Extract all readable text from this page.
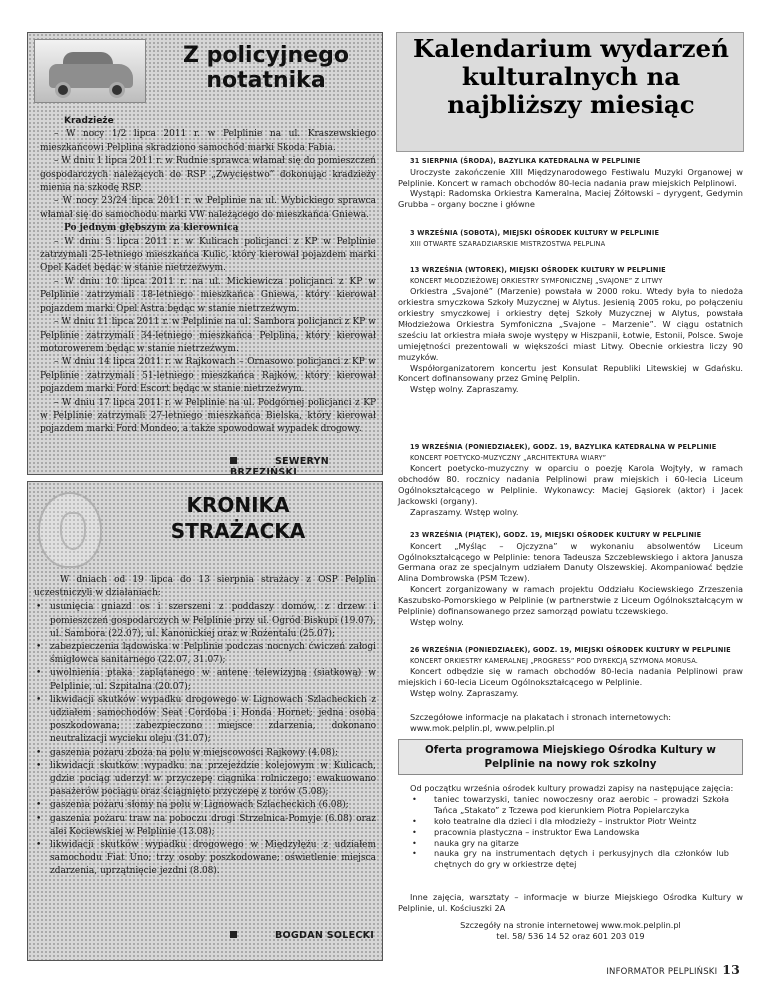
Z policyjnego notatnika

Kradzieże

– W nocy 1/2 lipca 2011 r. w Pelplinie na ul. Kraszewskiego mieszkańcowi Pelplina skradziono samochód marki Skoda Fabia.

– W dniu 1 lipca 2011 r. w Rudnie sprawca włamał się do pomieszczeń gospodarczych należących do RSP „Zwycięstwo” dokonując kradzieży mienia na szkodę RSP.

– W nocy 23/24 lipca 2011 r. w Pelplinie na ul. Wybickiego sprawca włamał się do samochodu marki VW należącego do mieszkańca Gniewa.

Po jednym głębszym za kierownicą

– W dniu 5 lipca 2011 r. w Kulicach policjanci z KP w Pelplinie zatrzymali 25-letniego mieszkańca Kulic, który kierował pojazdem marki Opel Kadet będąc w stanie nietrzeźwym.

– W dniu 10 lipca 2011 r. na ul. Mickiewicza policjanci z KP w Pelplinie zatrzymali 18-letniego mieszkańca Gniewa, który kierował pojazdem marki Opel Astra będąc w stanie nietrzeźwym.

– W dniu 11 lipca 2011 r. w Pelplinie na ul. Sambora policjanci z KP w Pelplinie zatrzymali 34-letniego mieszkańca Pelplina, który kierował motorowerem będąc w stanie nietrzeźwym.

– W dniu 14 lipca 2011 r. w Rajkowach – Ornasowo policjanci z KP w Pelplinie zatrzymali 51-letniego mieszkańca Rajków, który kierował pojazdem marki Ford Escort będąc w stanie nietrzeźwym.

– W dniu 17 lipca 2011 r. w Pelplinie na ul. Podgórnej policjanci z KP w Pelplinie zatrzymali 27-letniego mieszkańca Bielska, który kierował pojazdem marki Ford Mondeo, a także spowodował wypadek drogowy.

SEWERYN BRZEZIŃSKI
KRONIKA STRAŻACKA

W dniach od 19 lipca do 13 sierpnia strażacy z OSP Pelplin uczestniczyli w działaniach:

• usunięcia gniazd os i szerszeni z poddaszy domów, z drzew i pomieszczeń gospodarczych w Pelplinie przy ul. Ogród Biskupi (19.07), ul. Sambora (22.07), ul. Kanonickiej oraz w Rożentalu (25.07);
• zabezpieczenia lądowiska w Pelplinie podczas nocnych ćwiczeń załogi śmigłowca sanitarnego (22.07, 31.07);
• uwolnienia ptaka zaplątanego w antenę telewizyjną (siatkową) w Pelplinie, ul. Szpitalna (20.07);
• likwidacji skutków wypadku drogowego w Lignowach Szlacheckich z udziałem samochodów Seat Cordoba i Honda Hornet; jedna osoba poszkodowana; zabezpieczono miejsce zdarzenia, dokonano neutralizacji wycieku oleju (31.07);
• gaszenia pożaru zboża na polu w miejscowości Rajkowy (4.08);
• likwidacji skutków wypadku na przejeździe kolejowym w Kulicach, gdzie pociąg uderzył w przyczepę ciągnika rolniczego; ewakuowano pasażerów pociągu oraz ściągnięto przyczepę z torów (5.08);
• gaszenia pożaru słomy na polu w Lignowach Szlacheckich (6.08);
• gaszenia pożaru traw na poboczu drogi Strzelnica-Pomyje (6.08) oraz alei Kociewskiej w Pelplinie (13.08);
• likwidacji skutków wypadku drogowego w Międzyłężu z udziałem samochodu Fiat Uno; trzy osoby poszkodowane; oświetlenie miejsca zdarzenia, uprzątnięcie jezdni (8.08).
BOGDAN SOLECKI
Kalendarium wydarzeń kulturalnych na najbliższy miesiąc
31 SIERPNIA (ŚRODA), BAZYLIKA KATEDRALNA W PELPLINIE

Uroczyste zakończenie XIII Międzynarodowego Festiwalu Muzyki Organowej w Pelplinie. Koncert w ramach obchodów 80-lecia nadania praw miejskich Pelplinowi.

Wystąpi: Radomska Orkiestra Kameralna, Maciej Żółtowski – dyrygent, Gedymin Grubba – organy boczne i główne

3 WRZEŚNIA (SOBOTA), MIEJSKI OŚRODEK KULTURY W PELPLINIE
XIII OTWARTE SZARADZIARSKIE MISTRZOSTWA PELPLINA
13 WRZEŚNIA (WTOREK), MIEJSKI OŚRODEK KULTURY W PELPLINIE
KONCERT MŁODZIEŻOWEJ ORKIESTRY SYMFONICZNEJ „SVAJONE” Z LITWY

Orkiestra „Svajonė” (Marzenie) powstała w 2000 roku. Wtedy była to niedoża orkiestra smyczkowa Szkoły Muzycznej w Alytus. Jesienią 2005 roku, po połączeniu orkiestry smyczkowej i orkiestry dętej Szkoły Muzycznej w Alytus, powstała Młodzieżowa Orkiestra Symfoniczna „Svajone – Marzenie”. W ciągu ostatnich sześciu lat orkiestra miała swoje występy w Hiszpanii, Łotwie, Estonii, Polsce. Swoje umiejętności prezentowali w większości miast Litwy. Obecnie orkiestra liczy 90 muzyków.

Współorganizatorem koncertu jest Konsulat Republiki Litewskiej w Gdańsku. Koncert dofinansowany przez Gminę Pelplin.

Wstęp wolny. Zapraszamy.

19 WRZEŚNIA (PONIEDZIAŁEK), GODZ. 19, BAZYLIKA KATEDRALNA W PELPLINIE
KONCERT POETYCKO-MUZYCZNY „ARCHITEKTURA WIARY”

Koncert poetycko-muzyczny w oparciu o poezję Karola Wojtyły, w ramach obchodów 80. rocznicy nadania Pelplinowi praw miejskich i 60-lecia Liceum Ogólnokształcącego w Pelplinie. Wykonawcy: Maciej Gąsiorek (aktor) i Jacek Jackowski (organy).

Zapraszamy. Wstęp wolny.

23 WRZEŚNIA (PIĄTEK), GODZ. 19, MIEJSKI OŚRODEK KULTURY W PELPLINIE

Koncert „Myśląc – Ojczyzna” w wykonaniu absolwentów Liceum Ogólnokształcącego w Pelplinie: tenora Tadeusza Szczeblewskiego i aktora Janusza Germana oraz ze specjalnym udziałem Danuty Olszewskiej. Akompaniować będzie Alina Dombrowska (PSM Tczew).

Koncert zorganizowany w ramach projektu Oddziału Kociewskiego Zrzeszenia Kaszubsko-Pomorskiego w Pelplinie (w partnerstwie z Liceum Ogólnokształcącym w Pelplinie) dofinansowanego przez samorząd powiatu tczewskiego.

Wstęp wolny.

26 WRZEŚNIA (PONIEDZIAŁEK), GODZ. 19, MIEJSKI OŚRODEK KULTURY W PELPLINIE
KONCERT ORKIESTRY KAMERALNEJ „PROGRESS” POD DYREKCJĄ SZYMONA MORUSA.

Koncert odbędzie się w ramach obchodów 80-lecia nadania Pelplinowi praw miejskich i 60-lecia Liceum Ogólnokształcącego w Pelplinie.

Wstęp wolny. Zapraszamy.

Szczegółowe informacje na plakatach i stronach internetowych: www.mok.pelplin.pl, www.pelplin.pl
Oferta programowa Miejskiego Ośrodka Kultury w Pelplinie na nowy rok szkolny

Od początku września ośrodek kultury prowadzi zapisy na następujące zajęcia:

• taniec towarzyski, taniec nowoczesny oraz aerobic – prowadzi Szkoła Tańca „Stakato” z Tczewa pod kierunkiem Piotra Popielarczyka
• koło teatralne dla dzieci i dla młodzieży – instruktor Piotr Weintz
• pracownia plastyczna – instruktor Ewa Landowska
• nauka gry na gitarze
• nauka gry na instrumentach dętych i perkusyjnych dla członków lub chętnych do gry w orkiestrze dętej

Inne zajęcia, warsztaty – informacje w biurze Miejskiego Ośrodka Kultury w Pelplinie, ul. Kościuszki 2A

Szczegóły na stronie internetowej www.mok.pelplin.pl
tel. 58/ 536 14 52 oraz 601 203 019
INFORMATOR PELPLIŃSKI 13
